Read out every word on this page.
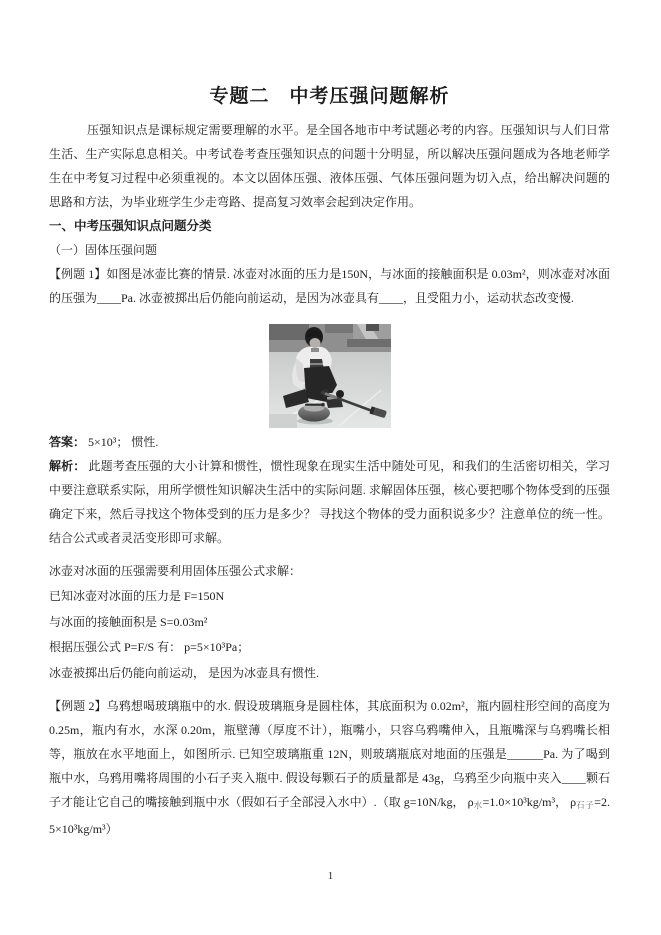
专题二　中考压强问题解析

压强知识点是课标规定需要理解的水平。是全国各地市中考试题必考的内容。压强知识与人们日常生活、生产实际息息相关。中考试卷考查压强知识点的问题十分明显，所以解决压强问题成为各地老师学生在中考复习过程中必须重视的。本文以固体压强、液体压强、气体压强问题为切入点，给出解决问题的思路和方法，为毕业班学生少走弯路、提高复习效率会起到决定作用。

一、中考压强知识点问题分类

（一）固体压强问题

【例题 1】如图是冰壶比赛的情景. 冰壶对冰面的压力是150N，与冰面的接触面积是 0.03m²，则冰壶对冰面的压强为____Pa. 冰壶被掷出后仍能向前运动，是因为冰壶具有____，且受阻力小，运动状态改变慢.

答案： 5×10³； 惯性.

解析： 此题考查压强的大小计算和惯性，惯性现象在现实生活中随处可见，和我们的生活密切相关，学习中要注意联系实际，用所学惯性知识解决生活中的实际问题. 求解固体压强，核心要把哪个物体受到的压强确定下来，然后寻找这个物体受到的压力是多少？ 寻找这个物体的受力面积说多少？注意单位的统一性。结合公式或者灵活变形即可求解。

冰壶对冰面的压强需要利用固体压强公式求解：
已知冰壶对冰面的压力是 F=150N
与冰面的接触面积是 S=0.03m²
根据压强公式 P=F/S 有： p=5×10³Pa；
冰壶被掷出后仍能向前运动， 是因为冰壶具有惯性.

【例题 2】乌鸦想喝玻璃瓶中的水. 假设玻璃瓶身是圆柱体，其底面积为 0.02m²，瓶内圆柱形空间的高度为0.25m，瓶内有水，水深 0.20m，瓶壁薄（厚度不计），瓶嘴小，只容乌鸦嘴伸入，且瓶嘴深与乌鸦嘴长相等，瓶放在水平地面上，如图所示. 已知空玻璃瓶重 12N，则玻璃瓶底对地面的压强是______Pa. 为了喝到瓶中水，乌鸦用嘴将周围的小石子夹入瓶中. 假设每颗石子的质量都是 43g，乌鸦至少向瓶中夹入____颗石子才能让它自己的嘴接触到瓶中水（假如石子全部浸入水中）.（取 g=10N/kg， $\rho_水=1.0\times 10^3kg/m^3$， $\rho_{石子}=2.5\times 10^3kg/m^3$）

1
